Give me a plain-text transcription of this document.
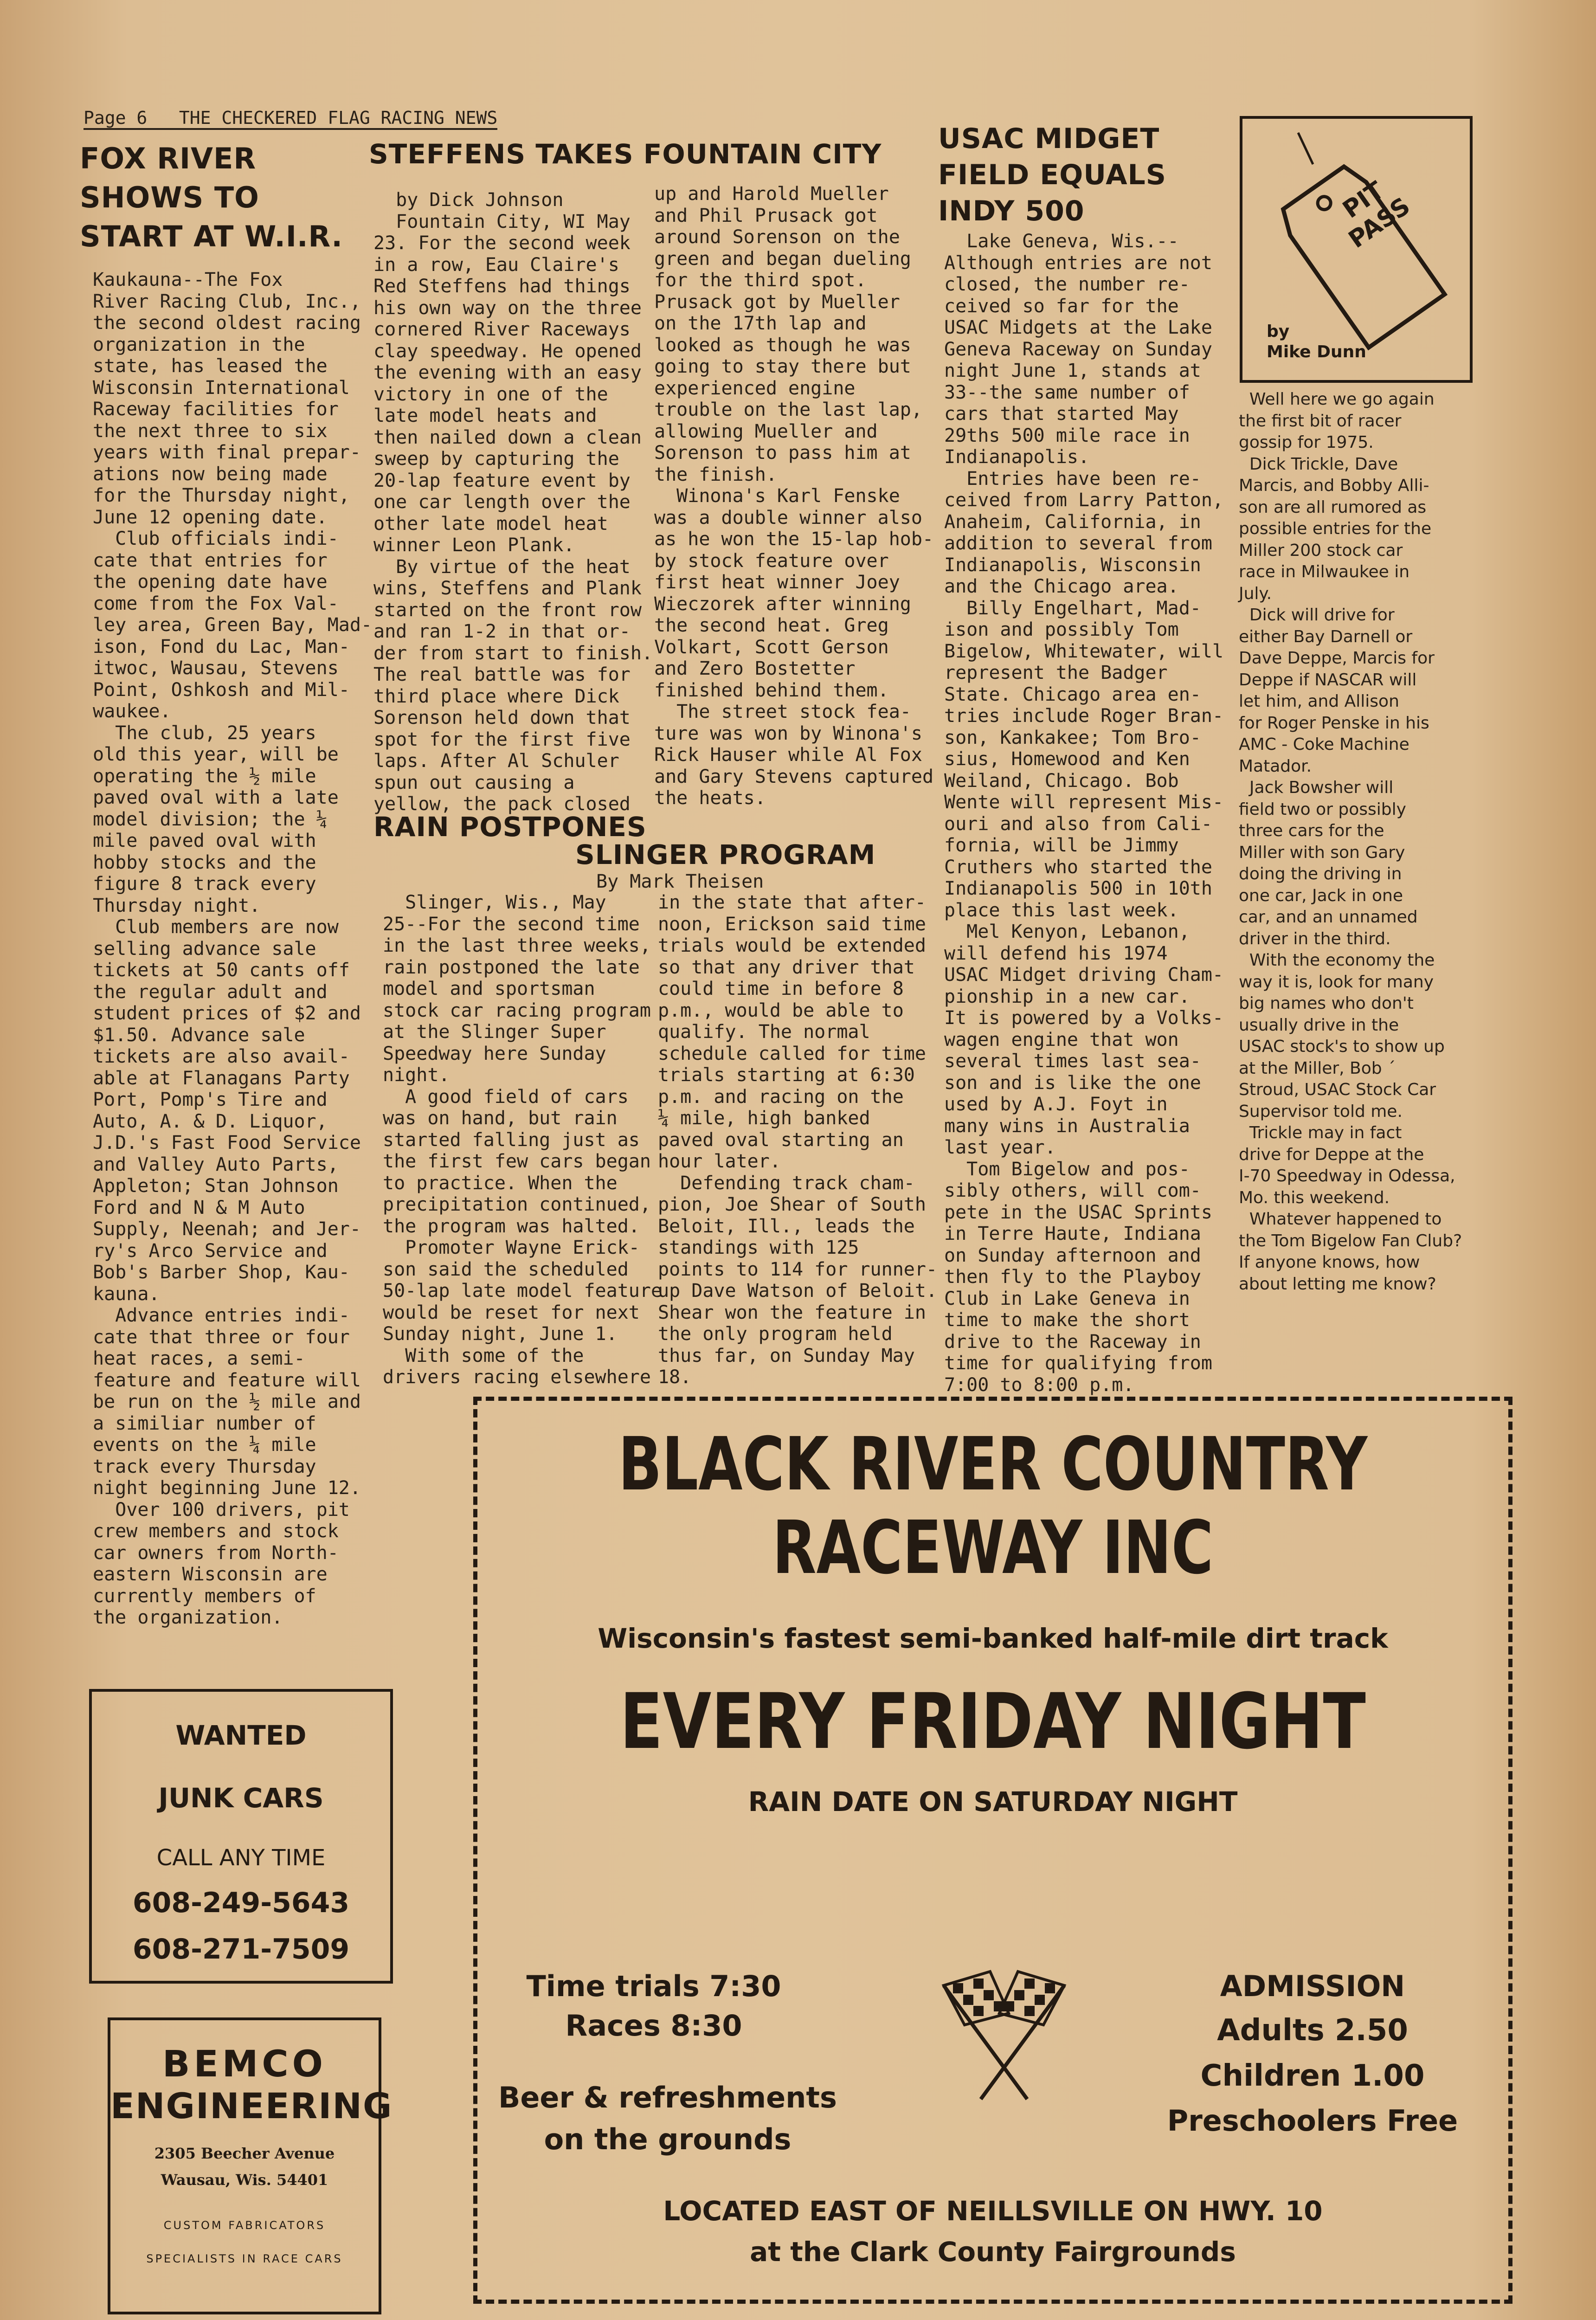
Page 6   THE CHECKERED FLAG RACING NEWS
FOX RIVER
SHOWS TO
START AT W.I.R.
Kaukauna--The Fox
River Racing Club, Inc.,
the second oldest racing
organization in the
state, has leased the
Wisconsin International
Raceway facilities for
the next three to six
years with final prepar-
ations now being made
for the Thursday night,
June 12 opening date.
Club officials indi-
cate that entries for
the opening date have
come from the Fox Val-
ley area, Green Bay, Mad-
ison, Fond du Lac, Man-
itwoc, Wausau, Stevens
Point, Oshkosh and Mil-
waukee.
The club, 25 years
old this year, will be
operating the ½ mile
paved oval with a late
model division; the ¼
mile paved oval with
hobby stocks and the
figure 8 track every
Thursday night.
Club members are now
selling advance sale
tickets at 50 cants off
the regular adult and
student prices of $2 and
$1.50. Advance sale
tickets are also avail-
able at Flanagans Party
Port, Pomp's Tire and
Auto, A. & D. Liquor,
J.D.'s Fast Food Service
and Valley Auto Parts,
Appleton; Stan Johnson
Ford and N & M Auto
Supply, Neenah; and Jer-
ry's Arco Service and
Bob's Barber Shop, Kau-
kauna.
Advance entries indi-
cate that three or four
heat races, a semi-
feature and feature will
be run on the ½ mile and
a similiar number of
events on the ¼ mile
track every Thursday
night beginning June 12.
Over 100 drivers, pit
crew members and stock
car owners from North-
eastern Wisconsin are
currently members of
the organization.
STEFFENS TAKES FOUNTAIN CITY
by Dick Johnson
Fountain City, WI May
23. For the second week
in a row, Eau Claire's
Red Steffens had things
his own way on the three
cornered River Raceways
clay speedway. He opened
the evening with an easy
victory in one of the
late model heats and
then nailed down a clean
sweep by capturing the
20-lap feature event by
one car length over the
other late model heat
winner Leon Plank.
By virtue of the heat
wins, Steffens and Plank
started on the front row
and ran 1-2 in that or-
der from start to finish.
The real battle was for
third place where Dick
Sorenson held down that
spot for the first five
laps. After Al Schuler
spun out causing a
yellow, the pack closed
up and Harold Mueller
and Phil Prusack got
around Sorenson on the
green and began dueling
for the third spot.
Prusack got by Mueller
on the 17th lap and
looked as though he was
going to stay there but
experienced engine
trouble on the last lap,
allowing Mueller and
Sorenson to pass him at
the finish.
Winona's Karl Fenske
was a double winner also
as he won the 15-lap hob-
by stock feature over
first heat winner Joey
Wieczorek after winning
the second heat. Greg
Volkart, Scott Gerson
and Zero Bostetter
finished behind them.
The street stock fea-
ture was won by Winona's
Rick Hauser while Al Fox
and Gary Stevens captured
the heats.
RAIN POSTPONES
SLINGER PROGRAM
By Mark Theisen
Slinger, Wis., May
25--For the second time
in the last three weeks,
rain postponed the late
model and sportsman
stock car racing program
at the Slinger Super
Speedway here Sunday
night.
A good field of cars
was on hand, but rain
started falling just as
the first few cars began
to practice. When the
precipitation continued,
the program was halted.
Promoter Wayne Erick-
son said the scheduled
50-lap late model feature
would be reset for next
Sunday night, June 1.
With some of the
drivers racing elsewhere
in the state that after-
noon, Erickson said time
trials would be extended
so that any driver that
could time in before 8
p.m., would be able to
qualify. The normal
schedule called for time
trials starting at 6:30
p.m. and racing on the
¼ mile, high banked
paved oval starting an
hour later.
Defending track cham-
pion, Joe Shear of South
Beloit, Ill., leads the
standings with 125
points to 114 for runner-
up Dave Watson of Beloit.
Shear won the feature in
the only program held
thus far, on Sunday May
18.
USAC MIDGET
FIELD EQUALS
INDY 500
Lake Geneva, Wis.--
Although entries are not
closed, the number re-
ceived so far for the
USAC Midgets at the Lake
Geneva Raceway on Sunday
night June 1, stands at
33--the same number of
cars that started May
29ths 500 mile race in
Indianapolis.
Entries have been re-
ceived from Larry Patton,
Anaheim, California, in
addition to several from
Indianapolis, Wisconsin
and the Chicago area.
Billy Engelhart, Mad-
ison and possibly Tom
Bigelow, Whitewater, will
represent the Badger
State. Chicago area en-
tries include Roger Bran-
son, Kankakee; Tom Bro-
sius, Homewood and Ken
Weiland, Chicago. Bob
Wente will represent Mis-
ouri and also from Cali-
fornia, will be Jimmy
Cruthers who started the
Indianapolis 500 in 10th
place this last week.
Mel Kenyon, Lebanon,
will defend his 1974
USAC Midget driving Cham-
pionship in a new car.
It is powered by a Volks-
wagen engine that won
several times last sea-
son and is like the one
used by A.J. Foyt in
many wins in Australia
last year.
Tom Bigelow and pos-
sibly others, will com-
pete in the USAC Sprints
in Terre Haute, Indiana
on Sunday afternoon and
then fly to the Playboy
Club in Lake Geneva in
time to make the short
drive to the Raceway in
time for qualifying from
7:00 to 8:00 p.m.
PIT
PASS
by
Mike Dunn
Well here we go again
the first bit of racer
gossip for 1975.
Dick Trickle, Dave
Marcis, and Bobby Alli-
son are all rumored as
possible entries for the
Miller 200 stock car
race in Milwaukee in
July.
Dick will drive for
either Bay Darnell or
Dave Deppe, Marcis for
Deppe if NASCAR will
let him, and Allison
for Roger Penske in his
AMC - Coke Machine
Matador.
Jack Bowsher will
field two or possibly
three cars for the
Miller with son Gary
doing the driving in
one car, Jack in one
car, and an unnamed
driver in the third.
With the economy the
way it is, look for many
big names who don't
usually drive in the
USAC stock's to show up
at the Miller, Bob ´
Stroud, USAC Stock Car
Supervisor told me.
Trickle may in fact
drive for Deppe at the
I-70 Speedway in Odessa,
Mo. this weekend.
Whatever happened to
the Tom Bigelow Fan Club?
If anyone knows, how
about letting me know?
WANTED
JUNK CARS
CALL ANY TIME
608-249-5643
608-271-7509
BEMCO
ENGINEERING
2305 Beecher Avenue
Wausau, Wis. 54401
CUSTOM FABRICATORS
SPECIALISTS IN RACE CARS
BLACK RIVER COUNTRY
RACEWAY INC
Wisconsin's fastest semi-banked half-mile dirt track
EVERY FRIDAY NIGHT
RAIN DATE ON SATURDAY NIGHT
Time trials 7:30
Races 8:30
Beer & refreshments
on the grounds
ADMISSION
Adults 2.50
Children 1.00
Preschoolers Free
LOCATED EAST OF NEILLSVILLE ON HWY. 10
at the Clark County Fairgrounds
